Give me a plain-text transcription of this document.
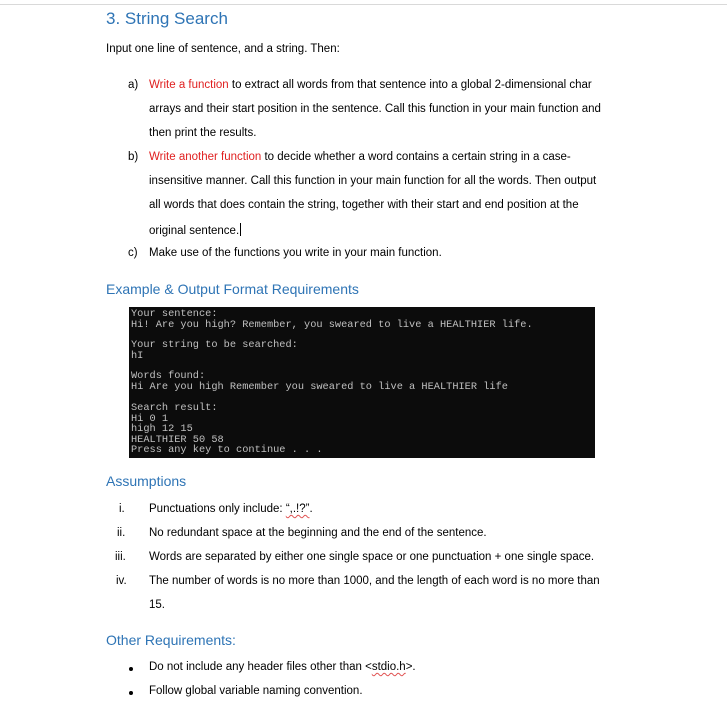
3. String Search
Input one line of sentence, and a string. Then:
a) Write a function to extract all words from that sentence into a global 2-dimensional char
arrays and their start position in the sentence. Call this function in your main function and
then print the results.
b) Write another function to decide whether a word contains a certain string in a case-
insensitive manner. Call this function in your main function for all the words. Then output
all words that does contain the string, together with their start and end position at the
original sentence.
c) Make use of the functions you write in your main function.
Example & Output Format Requirements
Your sentence:
Hi! Are you high? Remember, you sweared to live a HEALTHIER life.
Your string to be searched:
hI
Words found:
Hi Are you high Remember you sweared to live a HEALTHIER life
Search result:
Hi 0 1
high 12 15
HEALTHIER 50 58
Press any key to continue . . .
Assumptions
i. Punctuations only include: “,.!?”.
ii. No redundant space at the beginning and the end of the sentence.
iii. Words are separated by either one single space or one punctuation + one single space.
iv. The number of words is no more than 1000, and the length of each word is no more than
15.
Other Requirements:
Do not include any header files other than <stdio.h>.
Follow global variable naming convention.
